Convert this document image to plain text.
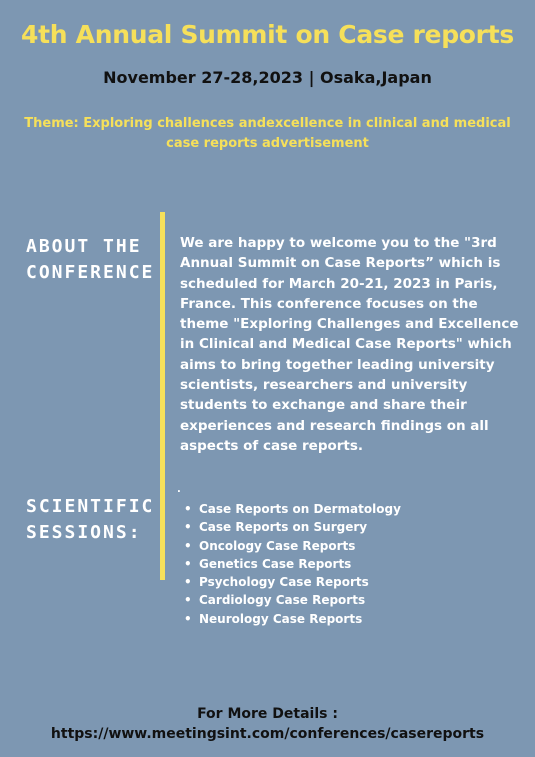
4th Annual Summit on Case reports

November 27-28,2023 | Osaka,Japan

Theme: Exploring challences andexcellence in clinical and medical case reports advertisement

ABOUT THE
CONFERENCE

We are happy to welcome you to the "3rd Annual Summit on Case Reports” which is scheduled for March 20-21, 2023 in Paris, France. This conference focuses on the theme "Exploring Challenges and Excellence in Clinical and Medical Case Reports" which aims to bring together leading university scientists, researchers and university students to exchange and share their experiences and research findings on all aspects of case reports.

SCIENTIFIC
SESSIONS:

.
• Case Reports on Dermatology
• Case Reports on Surgery
• Oncology Case Reports
• Genetics Case Reports
• Psychology Case Reports
• Cardiology Case Reports
• Neurology Case Reports

For More Details :

https://www.meetingsint.com/conferences/casereports
